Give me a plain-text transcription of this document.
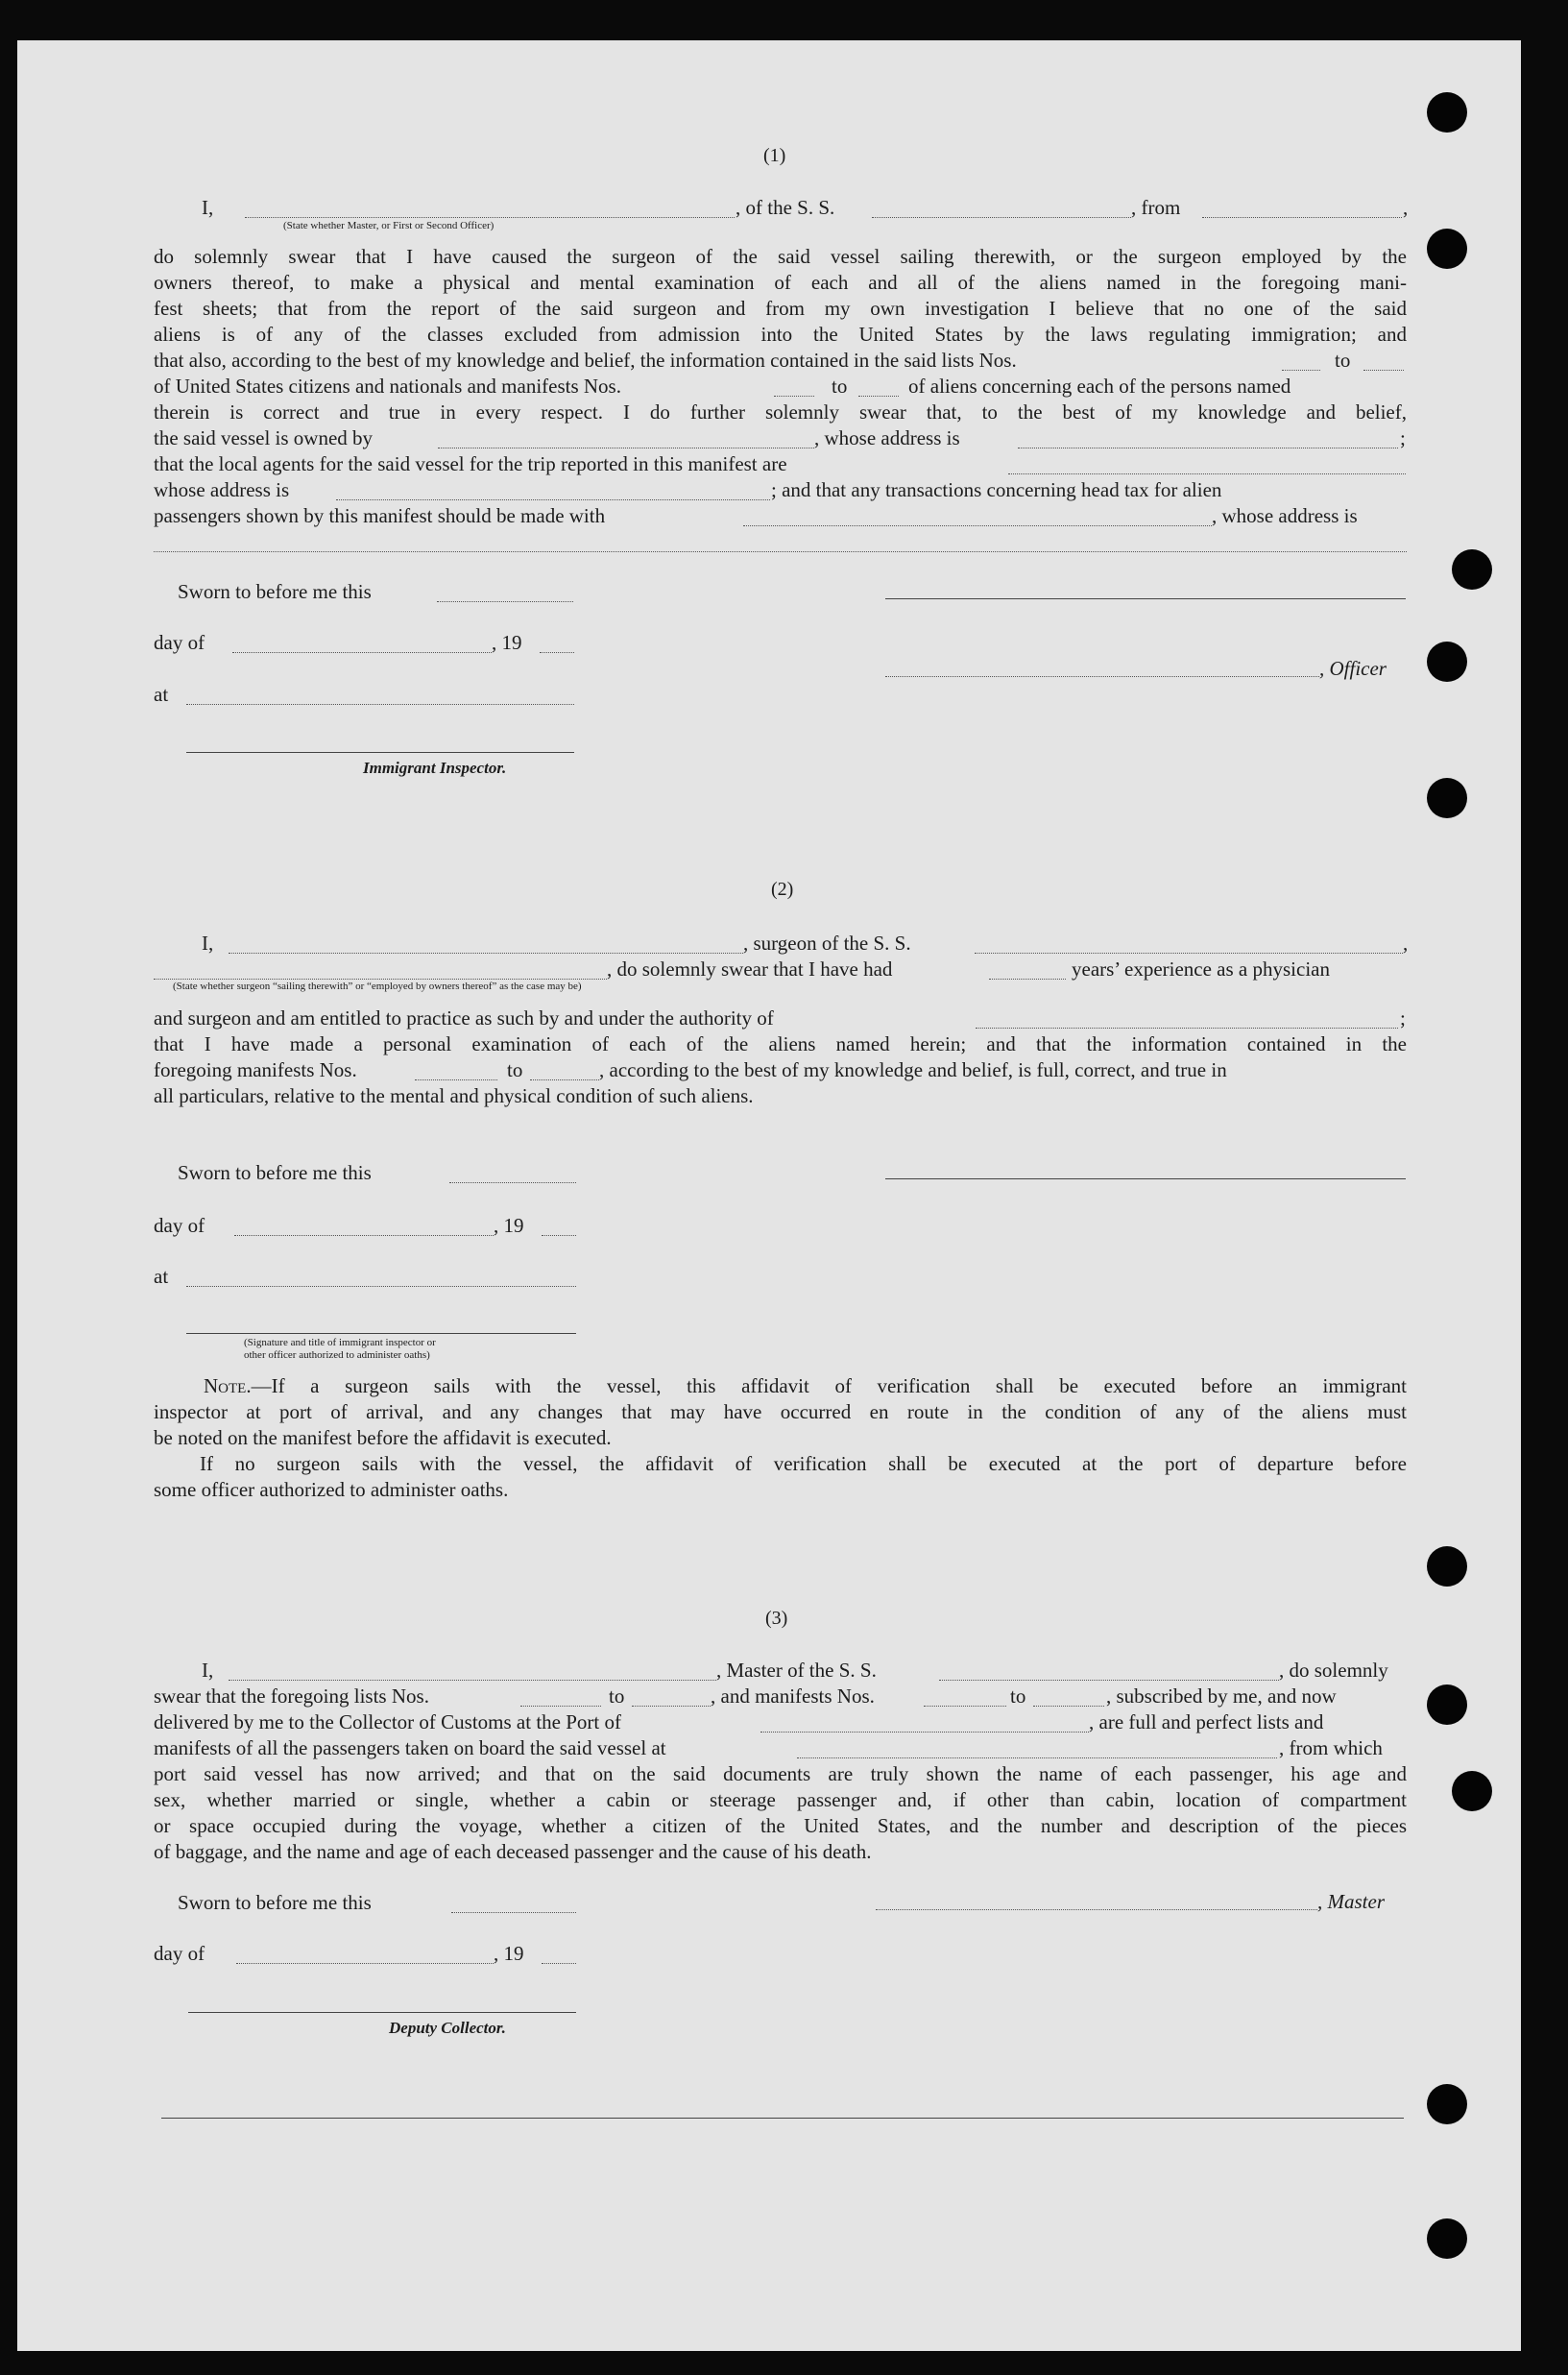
(1)
I,
(State whether Master, or First or Second Officer)
, of the S. S.	, from	,
do solemnly swear that I have caused the surgeon of the said vessel sailing therewith, or the surgeon employed by the
owners thereof, to make a physical and mental examination of each and all of the aliens named in the foregoing mani-
fest sheets; that from the report of the said surgeon and from my own investigation I believe that no one of the said
aliens is of any of the classes excluded from admission into the United States by the laws regulating immigration; and
that also, according to the best of my knowledge and belief, the information contained in the said lists Nos.	to
of United States citizens and nationals and manifests Nos.	to	of aliens concerning each of the persons named
therein is correct and true in every respect. I do further solemnly swear that, to the best of my knowledge and belief,
the said vessel is owned by	, whose address is	;
that the local agents for the said vessel for the trip reported in this manifest are
whose address is	; and that any transactions concerning head tax for alien
passengers shown by this manifest should be made with	, whose address is
Sworn to before me this
day of	, 19
, Officer
at
Immigrant Inspector.
(2)
I,	, surgeon of the S. S.	,
, do solemnly swear that I have had	years’ experience as a physician
(State whether surgeon “sailing therewith” or “employed by owners thereof” as the case may be)
and surgeon and am entitled to practice as such by and under the authority of	;
that I have made a personal examination of each of the aliens named herein; and that the information contained in the
foregoing manifests Nos.	to	, according to the best of my knowledge and belief, is full, correct, and true in
all particulars, relative to the mental and physical condition of such aliens.
Sworn to before me this
day of	, 19
at
(Signature and title of immigrant inspector or
other officer authorized to administer oaths)
Note.—If a surgeon sails with the vessel, this affidavit of verification shall be executed before an immigrant
inspector at port of arrival, and any changes that may have occurred en route in the condition of any of the aliens must
be noted on the manifest before the affidavit is executed.
If no surgeon sails with the vessel, the affidavit of verification shall be executed at the port of departure before
some officer authorized to administer oaths.
(3)
I,	, Master of the S. S.	, do solemnly
swear that the foregoing lists Nos.	to	, and manifests Nos.	to	, subscribed by me, and now
delivered by me to the Collector of Customs at the Port of	, are full and perfect lists and
manifests of all the passengers taken on board the said vessel at	, from which
port said vessel has now arrived; and that on the said documents are truly shown the name of each passenger, his age and
sex, whether married or single, whether a cabin or steerage passenger and, if other than cabin, location of compartment
or space occupied during the voyage, whether a citizen of the United States, and the number and description of the pieces
of baggage, and the name and age of each deceased passenger and the cause of his death.
Sworn to before me this	, Master
day of	, 19
Deputy Collector.
